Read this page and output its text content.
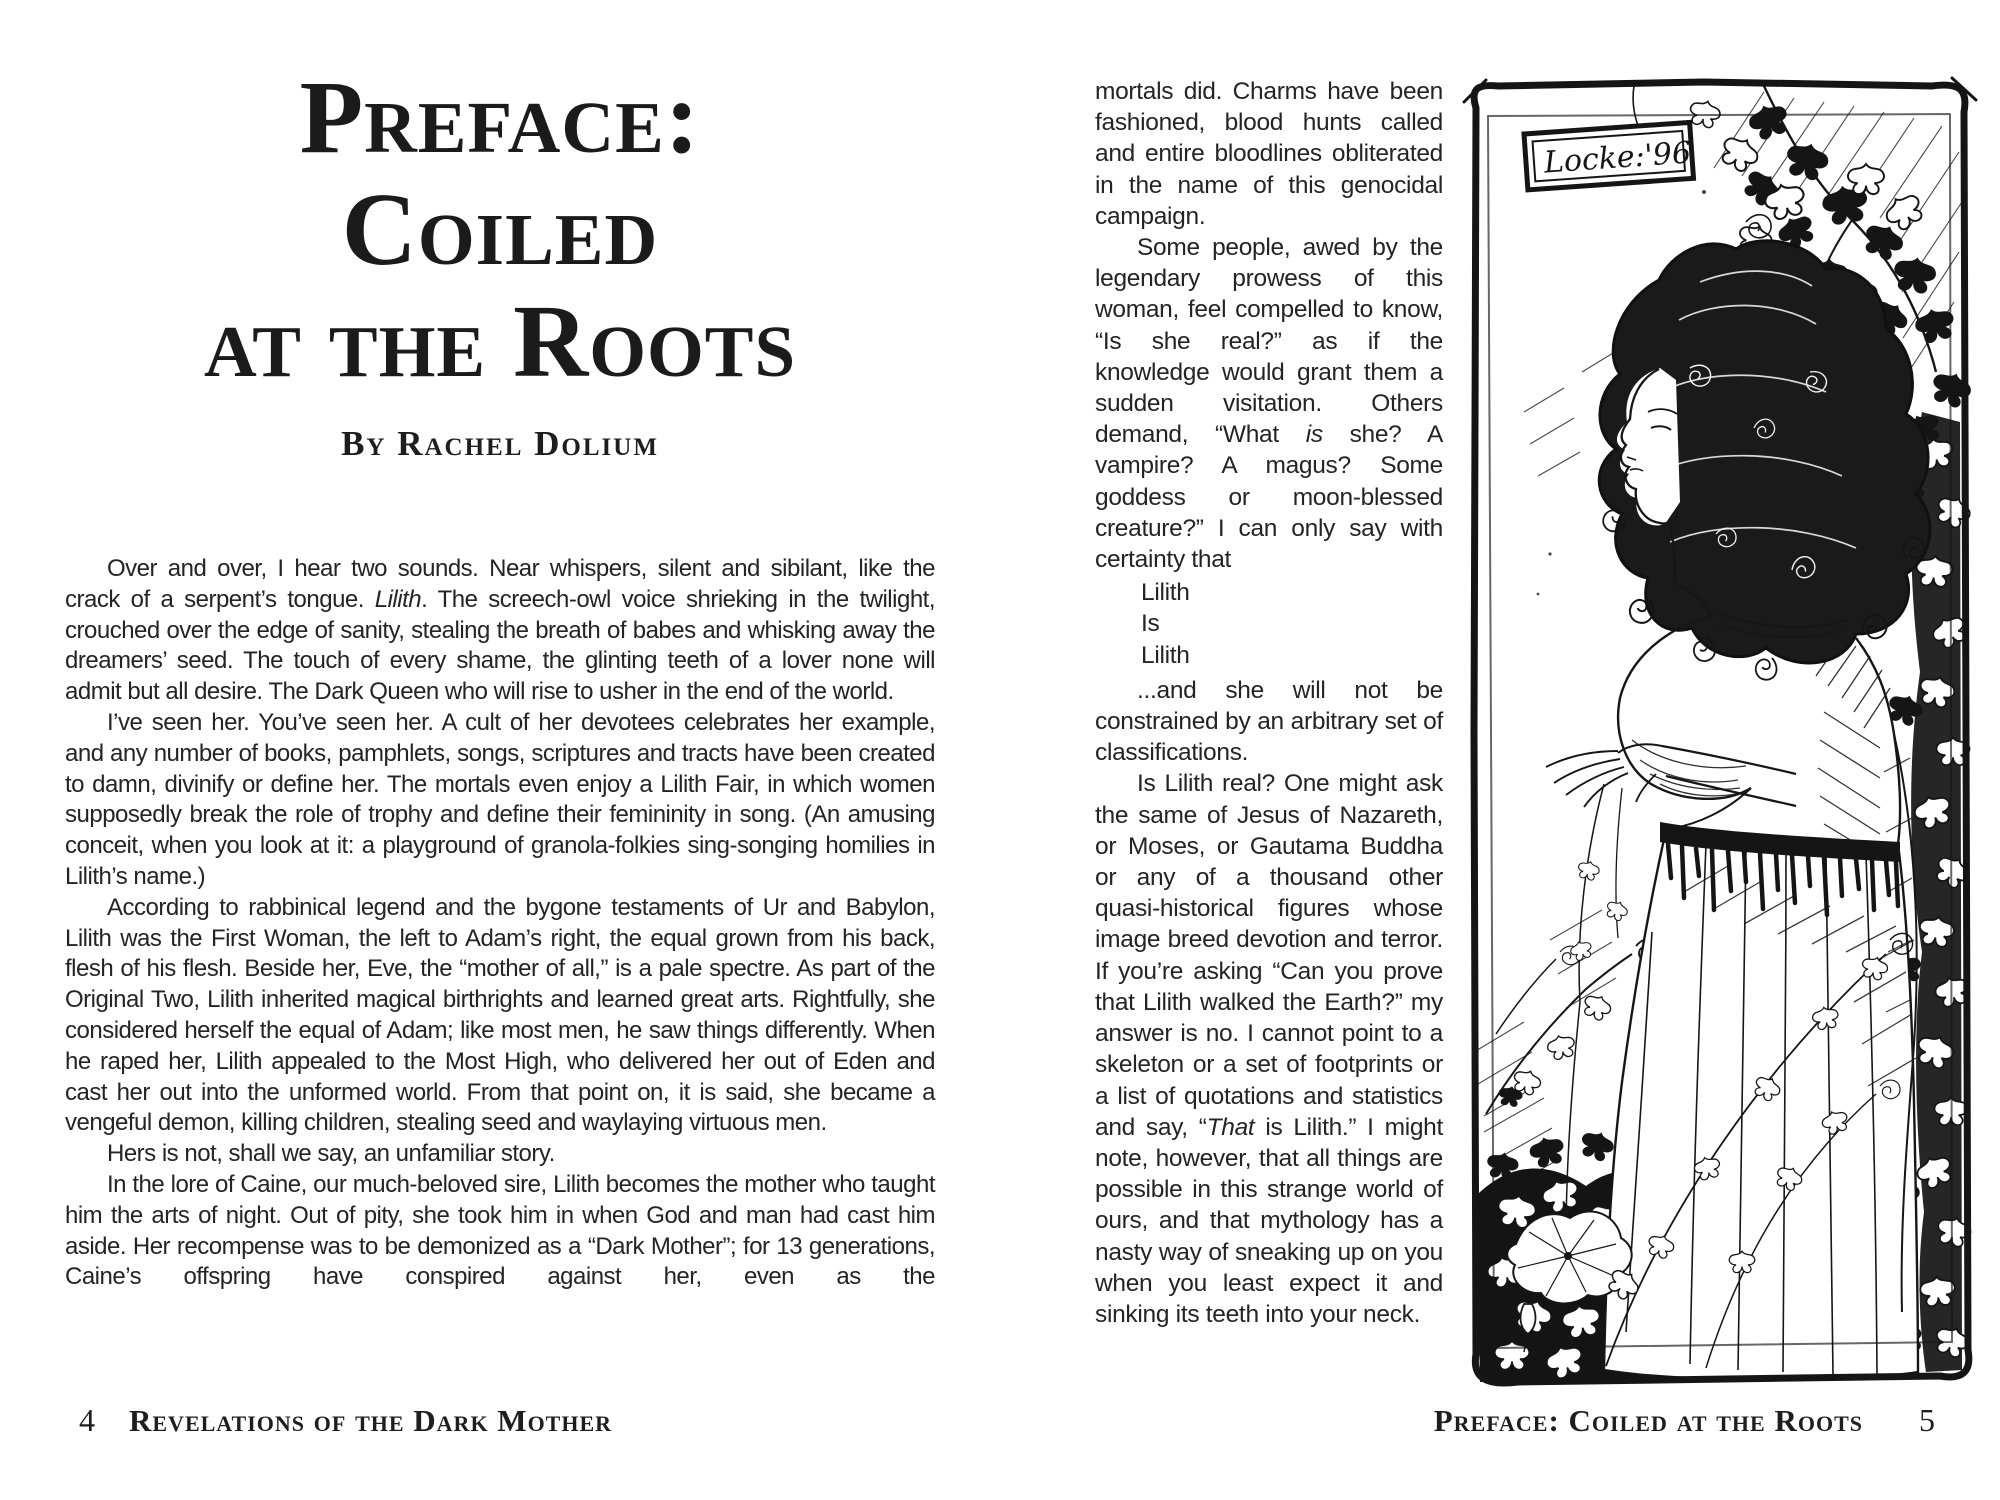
Preface:
Coiled
at the Roots
By Rachel Dolium

Over and over, I hear two sounds. Near whispers, silent and sibilant, like the crack of a serpent’s tongue. Lilith. The screech-owl voice shrieking in the twilight, crouched over the edge of sanity, stealing the breath of babes and whisking away the dreamers’ seed. The touch of every shame, the glinting teeth of a lover none will admit but all desire. The Dark Queen who will rise to usher in the end of the world.

I’ve seen her. You’ve seen her. A cult of her devotees celebrates her example, and any number of books, pamphlets, songs, scriptures and tracts have been created to damn, divinify or define her. The mortals even enjoy a Lilith Fair, in which women supposedly break the role of trophy and define their femininity in song. (An amusing conceit, when you look at it: a playground of granola-folkies sing-songing homilies in Lilith’s name.)

According to rabbinical legend and the bygone testaments of Ur and Babylon, Lilith was the First Woman, the left to Adam’s right, the equal grown from his back, flesh of his flesh. Beside her, Eve, the “mother of all,” is a pale spectre. As part of the Original Two, Lilith inherited magical birthrights and learned great arts. Rightfully, she considered herself the equal of Adam; like most men, he saw things differently. When he raped her, Lilith appealed to the Most High, who delivered her out of Eden and cast her out into the unformed world. From that point on, it is said, she became a vengeful demon, killing children, stealing seed and waylaying virtuous men.

Hers is not, shall we say, an unfamiliar story.

In the lore of Caine, our much-beloved sire, Lilith becomes the mother who taught him the arts of night. Out of pity, she took him in when God and man had cast him aside. Her recompense was to be demonized as a “Dark Mother”; for 13 generations, Caine’s offspring have conspired against her, even as the

mortals did. Charms have been fashioned, blood hunts called and entire bloodlines obliterated in the name of this genocidal campaign.

Some people, awed by the legendary prowess of this woman, feel compelled to know, “Is she real?” as if the knowledge would grant them a sudden visitation. Others demand, “What is she? A vampire? A magus? Some goddess or moon-blessed creature?” I can only say with certainty that

Lilith
Is
Lilith

...and she will not be constrained by an arbitrary set of classifications.

Is Lilith real? One might ask the same of Jesus of Nazareth, or Moses, or Gautama Buddha or any of a thousand other quasi-historical figures whose image breed devotion and terror. If you’re asking “Can you prove that Lilith walked the Earth?” my answer is no. I cannot point to a skeleton or a set of footprints or a list of quotations and statistics and say, “That is Lilith.” I might note, however, that all things are possible in this strange world of ours, and that mythology has a nasty way of sneaking up on you when you least expect it and sinking its teeth into your neck.

4 Revelations of the Dark Mother	Preface: Coiled at the Roots 5
Locke:'96
